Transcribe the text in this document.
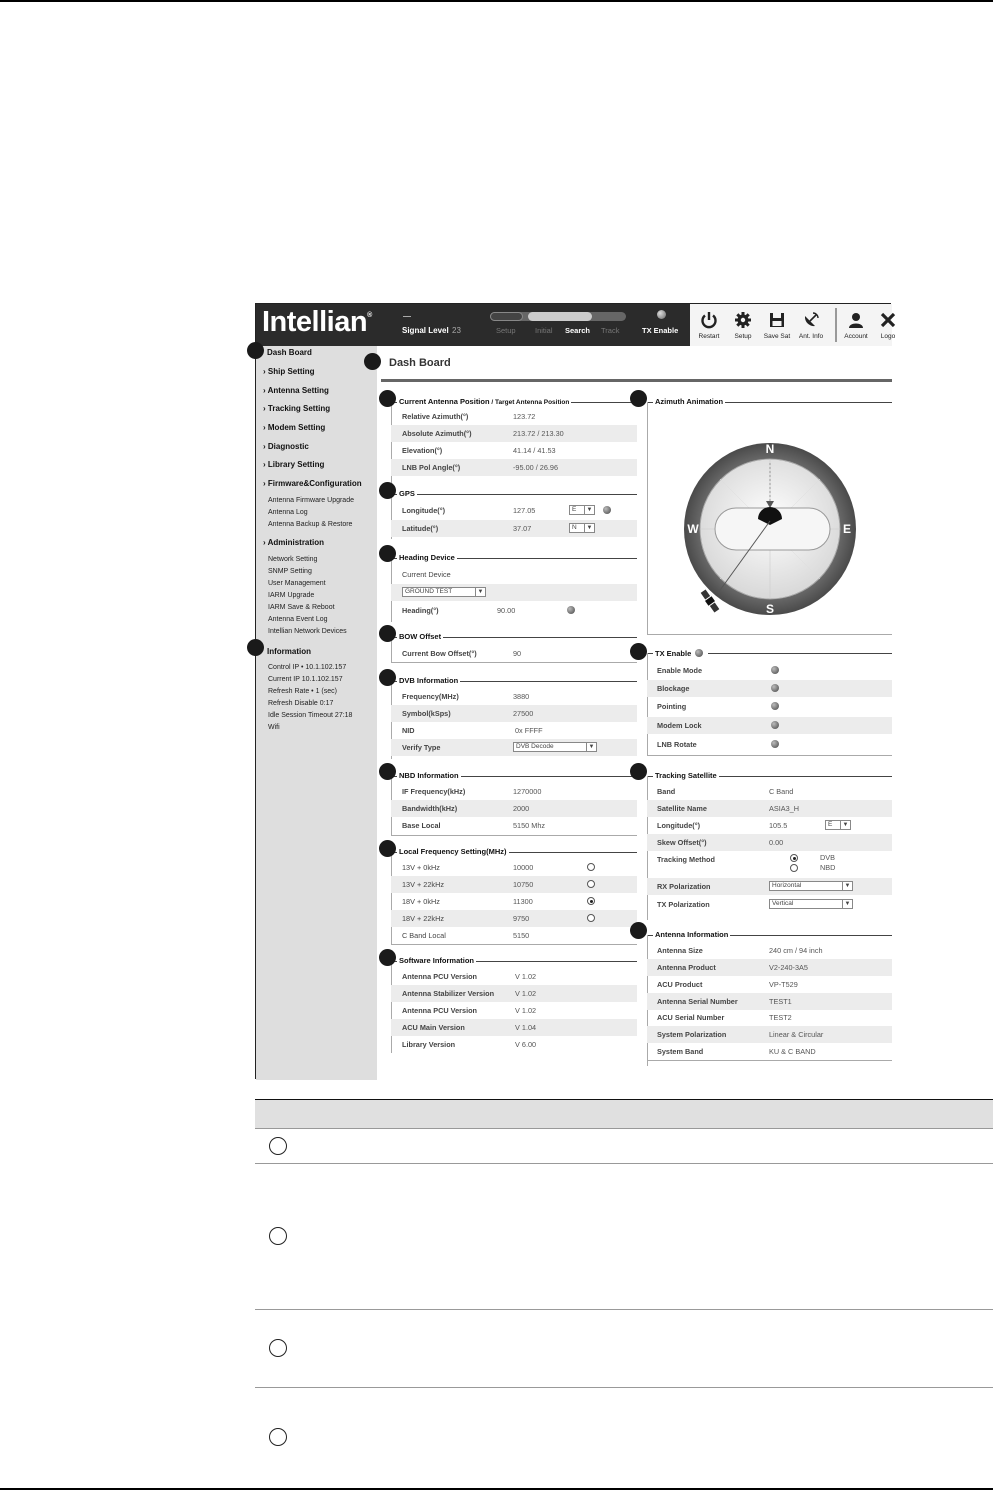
Intellian®
Signal Level 23	Setup	Initial Search Track	TX Enable
Restart	Setup	Save Sat	Ant. Info	Account	Logo
Dash Board
› Ship Setting
› Antenna Setting
› Tracking Setting
› Modem Setting
› Diagnostic
› Library Setting
› Firmware&Configuration
Antenna Firmware Upgrade
Antenna Log
Antenna Backup & Restore
› Administration
Network Setting
SNMP Setting
User Management
IARM Upgrade
IARM Save & Reboot
Antenna Event Log
Intellian Network Devices
Information
Control IP • 10.1.102.157
Current IP 10.1.102.157
Refresh Rate • 1 (sec)
Refresh Disable 0:17
Idle Session Timeout 27:18
Wifi
Dash Board
Current Antenna Position / Target Antenna Position
Relative Azimuth(°)	123.72
Absolute Azimuth(°)	213.72 / 213.30
Elevation(°)	41.14 / 41.53
LNB Pol Angle(°)	-95.00 / 26.96
GPS
Longitude(°)	127.05	E	▼
Latitude(°)	37.07	N	▼
Heading Device
Current Device
GROUND TEST	▼
Heading(°)	90.00
BOW Offset
Current Bow Offset(°)	90
DVB Information
Frequency(MHz)	3880
Symbol(kSps)	27500
NID	0x FFFF
Verify Type	DVB Decode	▼
NBD Information
IF Frequency(kHz)	1270000
Bandwidth(kHz)	2000
Base Local	5150 Mhz
Local Frequency Setting(MHz)
13V + 0kHz	10000
13V + 22kHz	10750
18V + 0kHz	11300
18V + 22kHz	9750
C Band Local	5150
Software Information
Antenna PCU Version	V 1.02
Antenna Stabilizer Version	V 1.02
Antenna PCU Version	V 1.02
ACU Main Version	V 1.04
Library Version	V 6.00
Azimuth Animation
N
S
W	E
TX Enable
Enable Mode
Blockage
Pointing
Modem Lock
LNB Rotate
Tracking Satellite
Band	C Band
Satellite Name	ASIA3_H
Longitude(°)	105.5	E	▼
Skew Offset(°)	0.00
Tracking Method	DVB
NBD
RX Polarization	Horizontal	▼
TX Polarization	Vertical	▼
Antenna Information
Antenna Size	240 cm / 94 inch
Antenna Product	V2-240-3A5
ACU Product	VP-T529
Antenna Serial Number	TEST1
ACU Serial Number	TEST2
System Polarization	Linear & Circular
System Band	KU & C BAND
